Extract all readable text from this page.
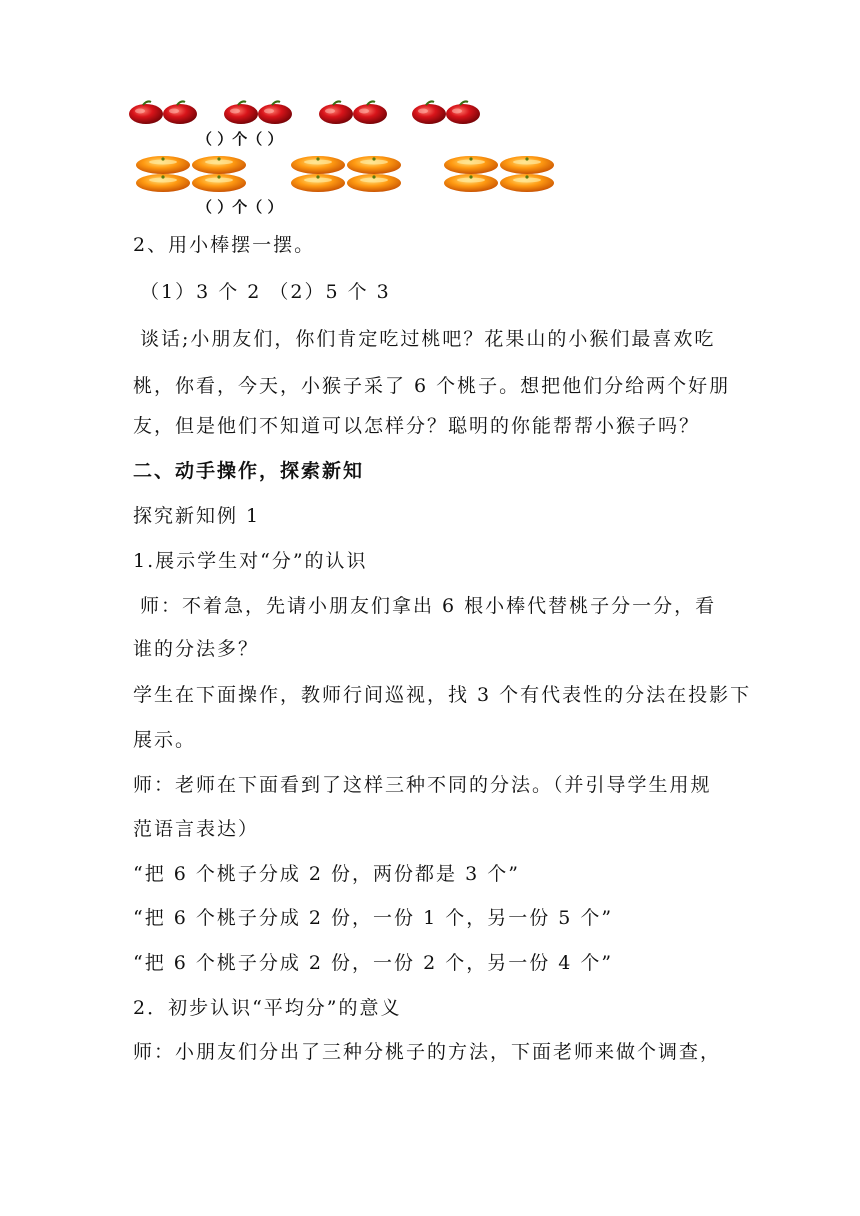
（ ）个（ ）
（ ）个（ ）
2、用小棒摆一摆。
（1）3 个 2 （2）5 个 3
谈话;小朋友们，你们肯定吃过桃吧？花果山的小猴们最喜欢吃
桃，你看，今天，小猴子采了 6 个桃子。想把他们分给两个好朋
友，但是他们不知道可以怎样分？聪明的你能帮帮小猴子吗？
二、动手操作，探索新知
探究新知例 1
1.展示学生对“分”的认识
师：不着急，先请小朋友们拿出 6 根小棒代替桃子分一分，看
谁的分法多？
学生在下面操作，教师行间巡视，找 3 个有代表性的分法在投影下
展示。
师：老师在下面看到了这样三种不同的分法。（并引导学生用规
范语言表达）
“把 6 个桃子分成 2 份，两份都是 3 个”
“把 6 个桃子分成 2 份，一份 1 个，另一份 5 个”
“把 6 个桃子分成 2 份，一份 2 个，另一份 4 个”
2．初步认识“平均分”的意义
师：小朋友们分出了三种分桃子的方法，下面老师来做个调查，
